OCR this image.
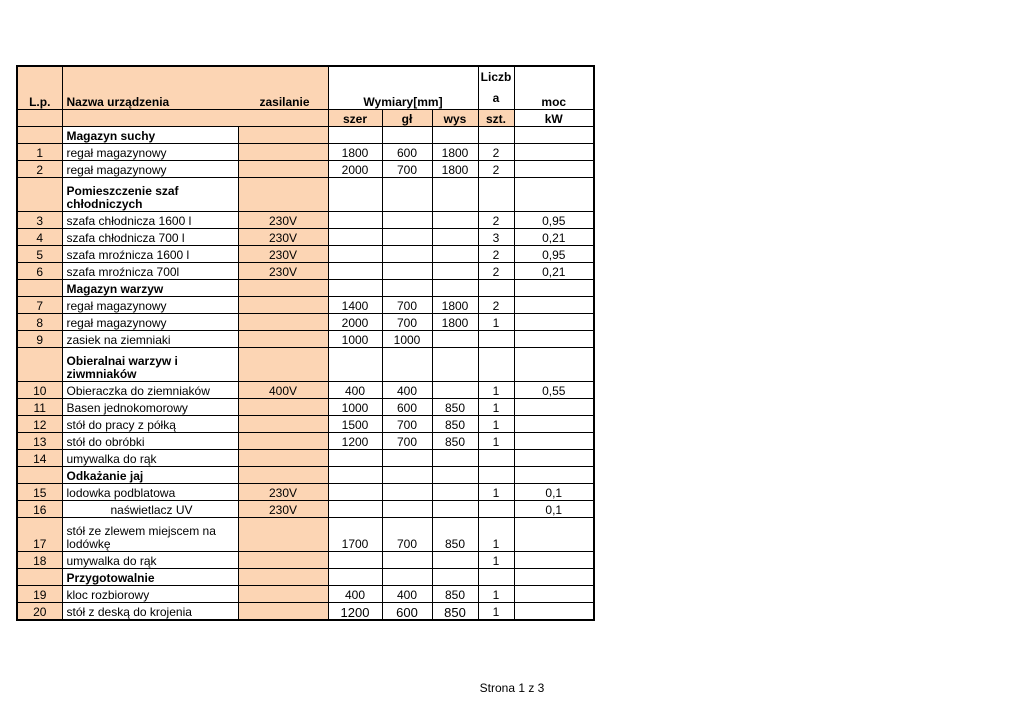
L.p.	Nazwa urządzenia	zasilanie	Wymiary[mm]			Liczb a	moc
			szer	gł	wys	szt.	kW
	Magazyn suchy						
1	regał magazynowy		1800	600	1800	2	
2	regał magazynowy		2000	700	1800	2	
	Pomieszczenie szaf chłodniczych						
3	szafa chłodnicza 1600 l	230V				2	0,95
4	szafa chłodnicza 700 l	230V				3	0,21
5	szafa mroźnicza 1600 l	230V				2	0,95
6	szafa mroźnicza 700l	230V				2	0,21
	Magazyn warzyw						
7	regał magazynowy		1400	700	1800	2	
8	regał magazynowy		2000	700	1800	1	
9	zasiek na ziemniaki		1000	1000			
	Obieralnai warzyw i ziwmniaków						
10	Obieraczka do ziemniaków	400V	400	400		1	0,55
11	Basen jednokomorowy		1000	600	850	1	
12	stół do pracy z półką		1500	700	850	1	
13	stół do obróbki		1200	700	850	1	
14	umywalka do rąk						
	Odkażanie jaj						
15	lodowka podblatowa	230V				1	0,1
16	naświetlacz UV	230V					0,1
17	stół ze zlewem miejscem na lodówkę		1700	700	850	1	
18	umywalka do rąk					1	
	Przygotowalnie						
19	kloc rozbiorowy		400	400	850	1	
20	stół z deską do krojenia		1200	600	850	1	
Strona 1 z 3
